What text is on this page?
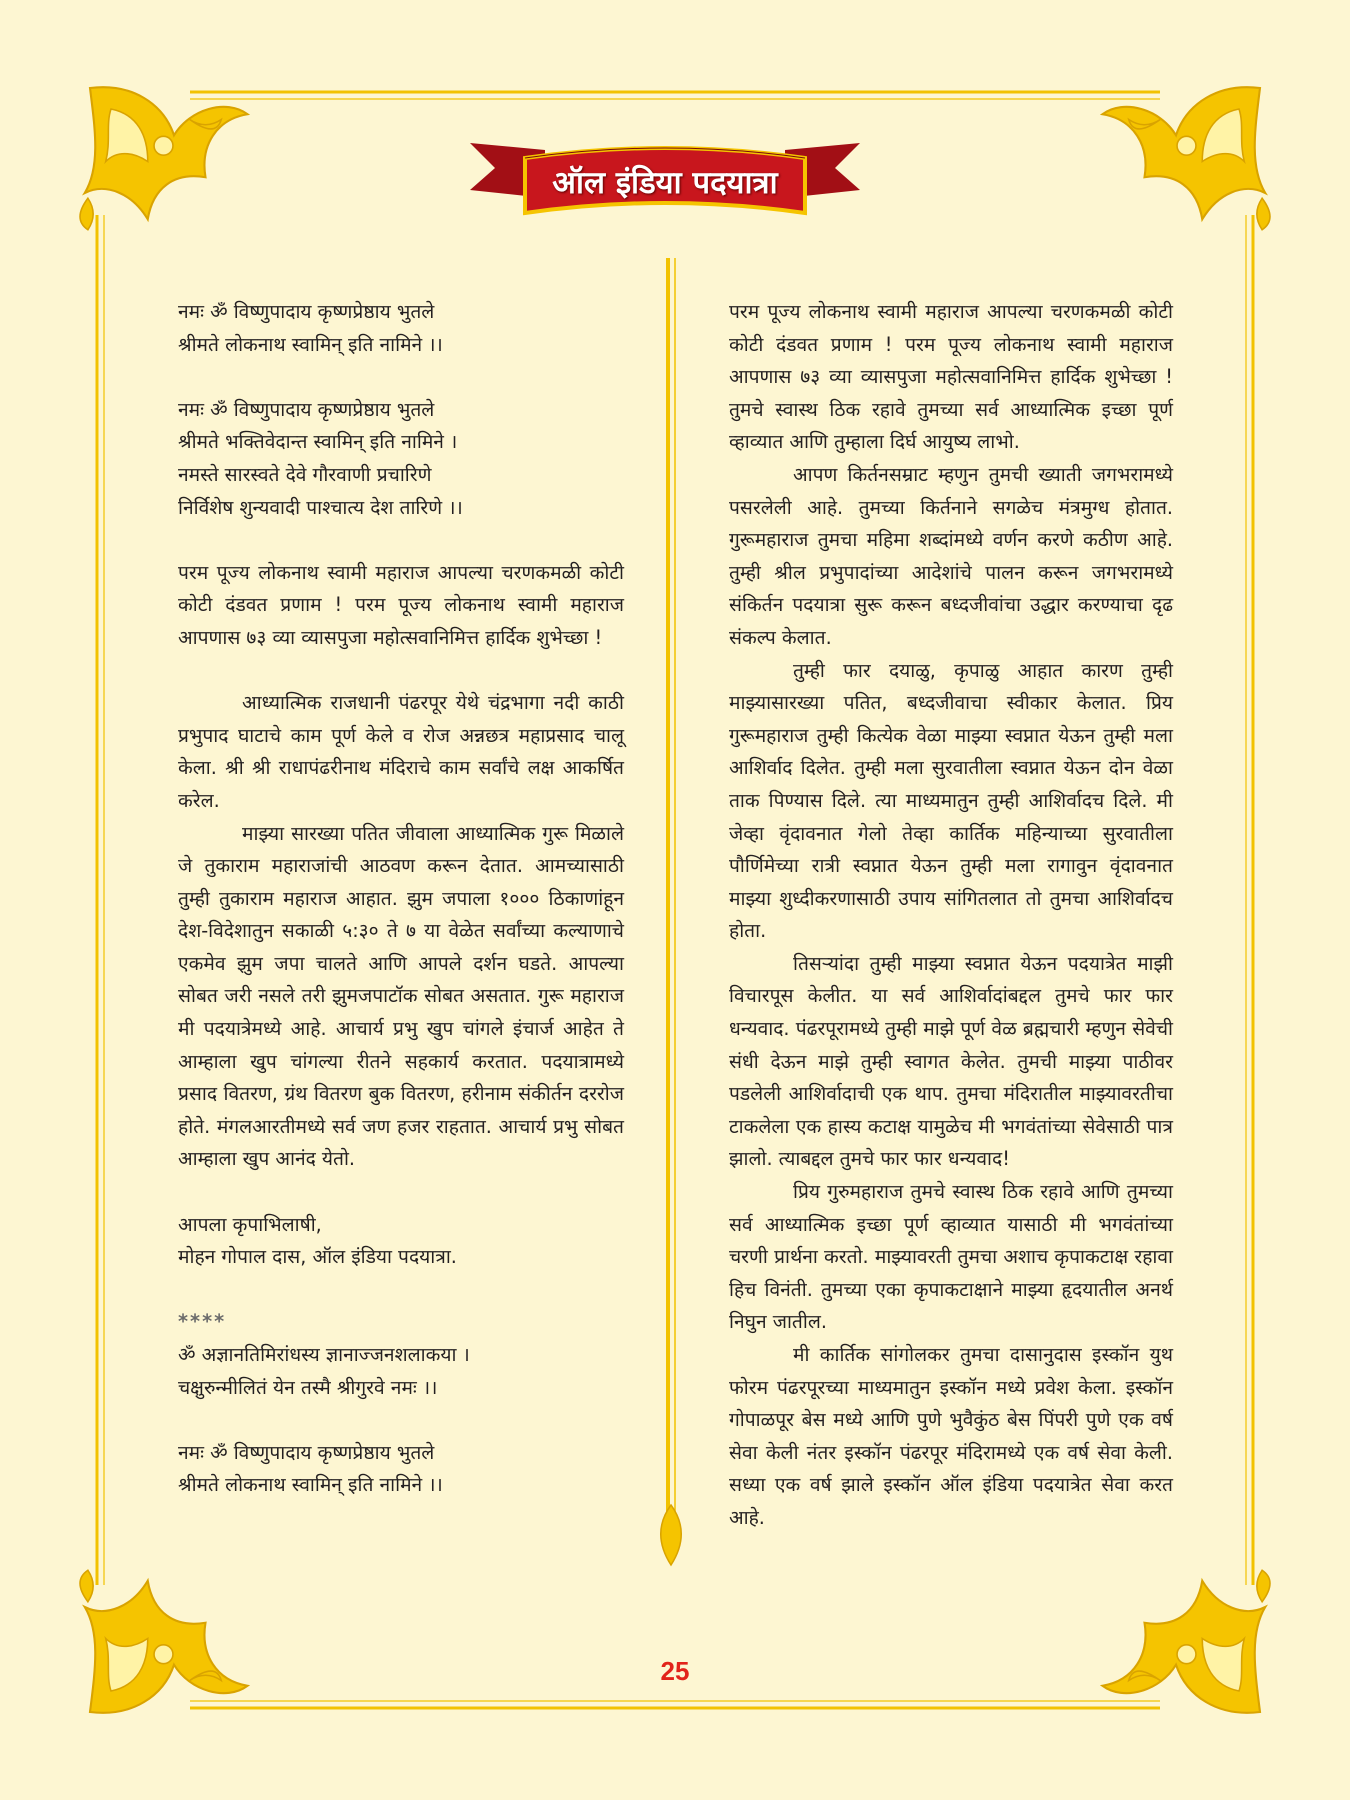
ऑल इंडिया पदयात्रा

नमः ॐ विष्णुपादाय कृष्णप्रेष्ठाय भुतले

श्रीमते लोकनाथ स्वामिन् इति नामिने ।।

नमः ॐ विष्णुपादाय कृष्णप्रेष्ठाय भुतले

श्रीमते भक्तिवेदान्त स्वामिन् इति नामिने ।

नमस्ते सारस्वते देवे गौरवाणी प्रचारिणे

निर्विशेष शुन्यवादी पाश्चात्य देश तारिणे ।।

परम पूज्य लोकनाथ स्वामी महाराज आपल्या चरणकमळी कोटी कोटी दंडवत प्रणाम ! परम पूज्य लोकनाथ स्वामी महाराज आपणास ७३ व्या व्यासपुजा महोत्सवानिमित्त हार्दिक शुभेच्छा !

आध्यात्मिक राजधानी पंढरपूर येथे चंद्रभागा नदी काठी प्रभुपाद घाटाचे काम पूर्ण केले व रोज अन्नछत्र महाप्रसाद चालू केला. श्री श्री राधापंढरीनाथ मंदिराचे काम सर्वांचे लक्ष आकर्षित करेल.

माझ्या सारख्या पतित जीवाला आध्यात्मिक गुरू मिळाले जे तुकाराम महाराजांची आठवण करून देतात. आमच्यासाठी तुम्ही तुकाराम महाराज आहात. झुम जपाला १००० ठिकाणांहून देश-विदेशातुन सकाळी ५:३० ते ७ या वेळेत सर्वांच्या कल्याणाचे एकमेव झुम जपा चालते आणि आपले दर्शन घडते. आपल्या सोबत जरी नसले तरी झुमजपाटॉक सोबत असतात. गुरू महाराज मी पदयात्रेमध्ये आहे. आचार्य प्रभु खुप चांगले इंचार्ज आहेत ते आम्हाला खुप चांगल्या रीतने सहकार्य करतात. पदयात्रामध्ये प्रसाद वितरण, ग्रंथ वितरण बुक वितरण, हरीनाम संकीर्तन दररोज होते. मंगलआरतीमध्ये सर्व जण हजर राहतात. आचार्य प्रभु सोबत आम्हाला खुप आनंद येतो.

आपला कृपाभिलाषी,

मोहन गोपाल दास, ऑल इंडिया पदयात्रा.

****

ॐ अज्ञानतिमिरांधस्य ज्ञानाज्जनशलाकया ।

चक्षुरुन्मीलितं येन तस्मै श्रीगुरवे नमः ।।

नमः ॐ विष्णुपादाय कृष्णप्रेष्ठाय भुतले

श्रीमते लोकनाथ स्वामिन् इति नामिने ।।

परम पूज्य लोकनाथ स्वामी महाराज आपल्या चरणकमळी कोटी कोटी दंडवत प्रणाम ! परम पूज्य लोकनाथ स्वामी महाराज आपणास ७३ व्या व्यासपुजा महोत्सवानिमित्त हार्दिक शुभेच्छा ! तुमचे स्वास्थ ठिक रहावे तुमच्या सर्व आध्यात्मिक इच्छा पूर्ण व्हाव्यात आणि तुम्हाला दिर्घ आयुष्य लाभो.

आपण किर्तनसम्राट म्हणुन तुमची ख्याती जगभरामध्ये पसरलेली आहे. तुमच्या किर्तनाने सगळेच मंत्रमुग्ध होतात. गुरूमहाराज तुमचा महिमा शब्दांमध्ये वर्णन करणे कठीण आहे. तुम्ही श्रील प्रभुपादांच्या आदेशांचे पालन करून जगभरामध्ये संकिर्तन पदयात्रा सुरू करून बध्दजीवांचा उद्धार करण्याचा दृढ संकल्प केलात.

तुम्ही फार दयाळु, कृपाळु आहात कारण तुम्ही माझ्यासारख्या पतित, बध्दजीवाचा स्वीकार केलात. प्रिय गुरूमहाराज तुम्ही कित्येक वेळा माझ्या स्वप्नात येऊन तुम्ही मला आशिर्वाद दिलेत. तुम्ही मला सुरवातीला स्वप्नात येऊन दोन वेळा ताक पिण्यास दिले. त्या माध्यमातुन तुम्ही आशिर्वादच दिले. मी जेव्हा वृंदावनात गेलो तेव्हा कार्तिक महिन्याच्या सुरवातीला पौर्णिमेच्या रात्री स्वप्नात येऊन तुम्ही मला रागावुन वृंदावनात माझ्या शुध्दीकरणासाठी उपाय सांगितलात तो तुमचा आशिर्वादच होता.

तिसऱ्यांदा तुम्ही माझ्या स्वप्नात येऊन पदयात्रेत माझी विचारपूस केलीत. या सर्व आशिर्वादांबद्दल तुमचे फार फार धन्यवाद. पंढरपूरामध्ये तुम्ही माझे पूर्ण वेळ ब्रह्मचारी म्हणुन सेवेची संधी देऊन माझे तुम्ही स्वागत केलेत. तुमची माझ्या पाठीवर पडलेली आशिर्वादाची एक थाप. तुमचा मंदिरातील माझ्यावरतीचा टाकलेला एक हास्य कटाक्ष यामुळेच मी भगवंतांच्या सेवेसाठी पात्र झालो. त्याबद्दल तुमचे फार फार धन्यवाद!

प्रिय गुरुमहाराज तुमचे स्वास्थ ठिक रहावे आणि तुमच्या सर्व आध्यात्मिक इच्छा पूर्ण व्हाव्यात यासाठी मी भगवंतांच्या चरणी प्रार्थना करतो. माझ्यावरती तुमचा अशाच कृपाकटाक्ष रहावा हिच विनंती. तुमच्या एका कृपाकटाक्षाने माझ्या हृदयातील अनर्थ निघुन जातील.

मी कार्तिक सांगोलकर तुमचा दासानुदास इस्कॉन युथ फोरम पंढरपूरच्या माध्यमातुन इस्कॉन मध्ये प्रवेश केला. इस्कॉन गोपाळपूर बेस मध्ये आणि पुणे भुवैकुंठ बेस पिंपरी पुणे एक वर्ष सेवा केली नंतर इस्कॉन पंढरपूर मंदिरामध्ये एक वर्ष सेवा केली. सध्या एक वर्ष झाले इस्कॉन ऑल इंडिया पदयात्रेत सेवा करत आहे.

25
